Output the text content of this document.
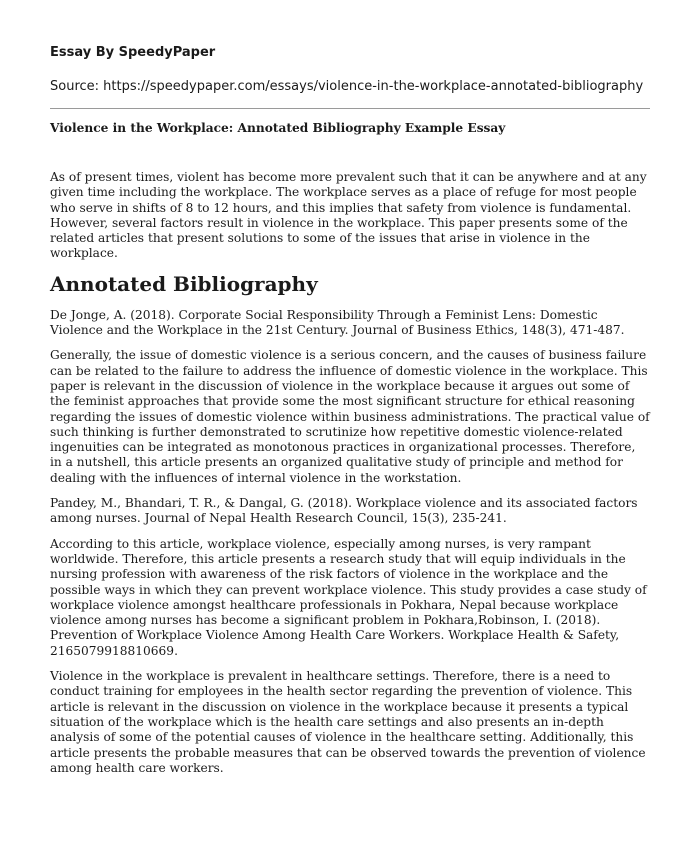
Essay By SpeedyPaper

Source: https://speedypaper.com/essays/violence-in-the-workplace-annotated-bibliography

Violence in the Workplace: Annotated Bibliography Example Essay

As of present times, violent has become more prevalent such that it can be anywhere and at any given time including the workplace. The workplace serves as a place of refuge for most people who serve in shifts of 8 to 12 hours, and this implies that safety from violence is fundamental. However, several factors result in violence in the workplace. This paper presents some of the related articles that present solutions to some of the issues that arise in violence in the workplace.

Annotated Bibliography

De Jonge, A. (2018). Corporate Social Responsibility Through a Feminist Lens: Domestic Violence and the Workplace in the 21st Century. Journal of Business Ethics, 148(3), 471-487.

Generally, the issue of domestic violence is a serious concern, and the causes of business failure can be related to the failure to address the influence of domestic violence in the workplace. This paper is relevant in the discussion of violence in the workplace because it argues out some of the feminist approaches that provide some the most significant structure for ethical reasoning regarding the issues of domestic violence within business administrations. The practical value of such thinking is further demonstrated to scrutinize how repetitive domestic violence-related ingenuities can be integrated as monotonous practices in organizational processes. Therefore, in a nutshell, this article presents an organized qualitative study of principle and method for dealing with the influences of internal violence in the workstation.

Pandey, M., Bhandari, T. R., & Dangal, G. (2018). Workplace violence and its associated factors among nurses. Journal of Nepal Health Research Council, 15(3), 235-241.

According to this article, workplace violence, especially among nurses, is very rampant worldwide. Therefore, this article presents a research study that will equip individuals in the nursing profession with awareness of the risk factors of violence in the workplace and the possible ways in which they can prevent workplace violence. This study provides a case study of workplace violence amongst healthcare professionals in Pokhara, Nepal because workplace violence among nurses has become a significant problem in Pokhara,Robinson, I. (2018). Prevention of Workplace Violence Among Health Care Workers. Workplace Health & Safety, 2165079918810669.

Violence in the workplace is prevalent in healthcare settings. Therefore, there is a need to conduct training for employees in the health sector regarding the prevention of violence. This article is relevant in the discussion on violence in the workplace because it presents a typical situation of the workplace which is the health care settings and also presents an in-depth analysis of some of the potential causes of violence in the healthcare setting. Additionally, this article presents the probable measures that can be observed towards the prevention of violence among health care workers.
